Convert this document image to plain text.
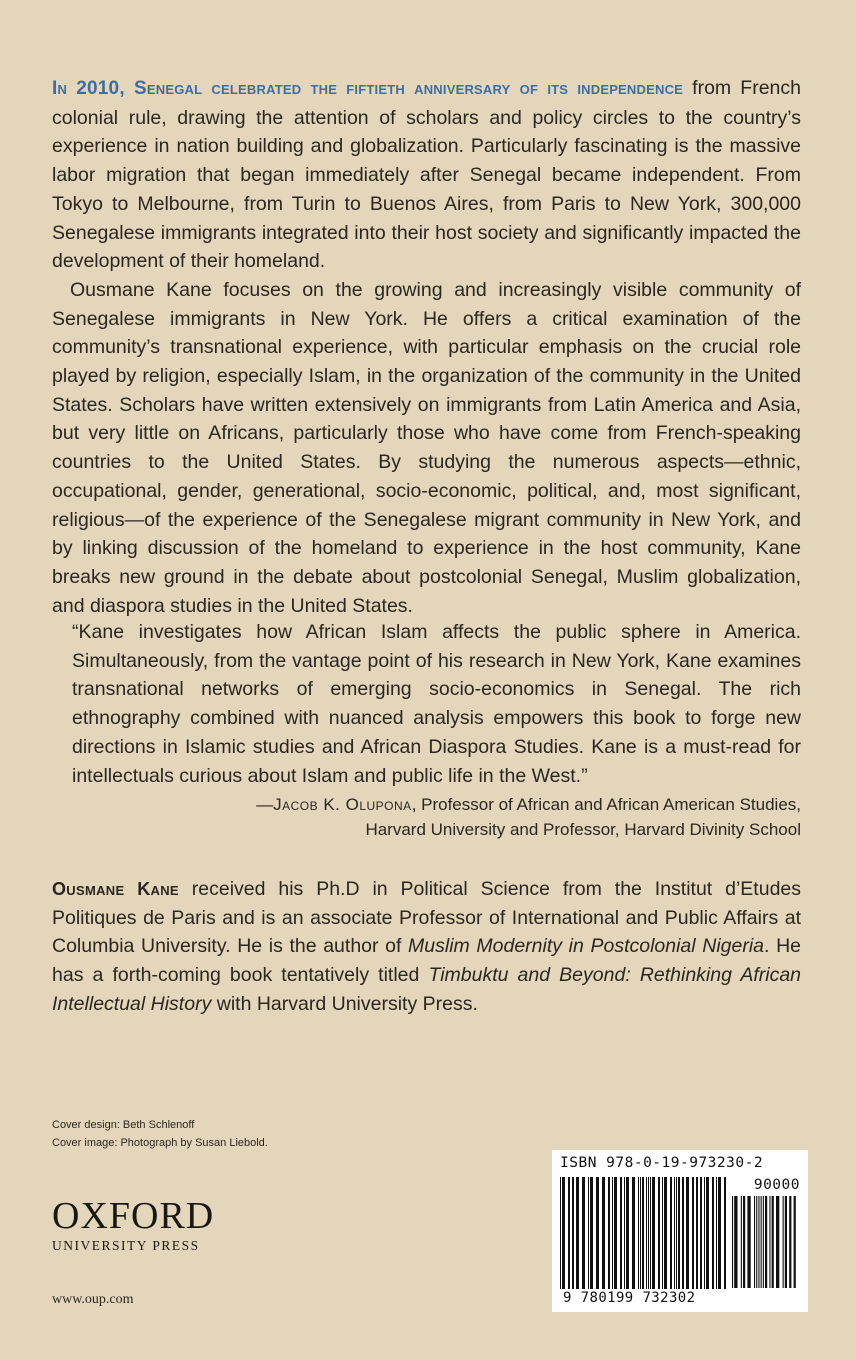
In 2010, Senegal celebrated the fiftieth anniversary of its independence from French colonial rule, drawing the attention of scholars and policy circles to the country’s experience in nation building and globalization. Particularly fascinating is the massive labor migration that began immediately after Senegal became independent. From Tokyo to Melbourne, from Turin to Buenos Aires, from Paris to New York, 300,000 Senegalese immigrants integrated into their host society and significantly impacted the development of their homeland.

Ousmane Kane focuses on the growing and increasingly visible community of Senegalese immigrants in New York. He offers a critical examination of the community’s transnational experience, with particular emphasis on the crucial role played by religion, especially Islam, in the organization of the community in the United States. Scholars have written extensively on immigrants from Latin America and Asia, but very little on Africans, particularly those who have come from French-speaking countries to the United States. By studying the numerous aspects—ethnic, occupational, gender, generational, socio-economic, political, and, most significant, religious—of the experience of the Senegalese migrant community in New York, and by linking discussion of the homeland to experience in the host community, Kane breaks new ground in the debate about postcolonial Senegal, Muslim globalization, and diaspora studies in the United States.

“Kane investigates how African Islam affects the public sphere in America. Simultaneously, from the vantage point of his research in New York, Kane examines transnational networks of emerging socio-economics in Senegal. The rich ethnography combined with nuanced analysis empowers this book to forge new directions in Islamic studies and African Diaspora Studies. Kane is a must-read for intellectuals curious about Islam and public life in the West.”

—Jacob K. Olupona, Professor of African and African American Studies,
Harvard University and Professor, Harvard Divinity School

Ousmane Kane received his Ph.D in Political Science from the Institut d’Etudes Politiques de Paris and is an associate Professor of International and Public Affairs at Columbia University. He is the author of Muslim Modernity in Postcolonial Nigeria. He has a forth-coming book tentatively titled Timbuktu and Beyond: Rethinking African Intellectual History with Harvard University Press.

Cover design: Beth Schlenoff
Cover image: Photograph by Susan Liebold.
OXFORD
UNIVERSITY PRESS
www.oup.com
ISBN 978-0-19-973230-2
90000
9 780199 732302
